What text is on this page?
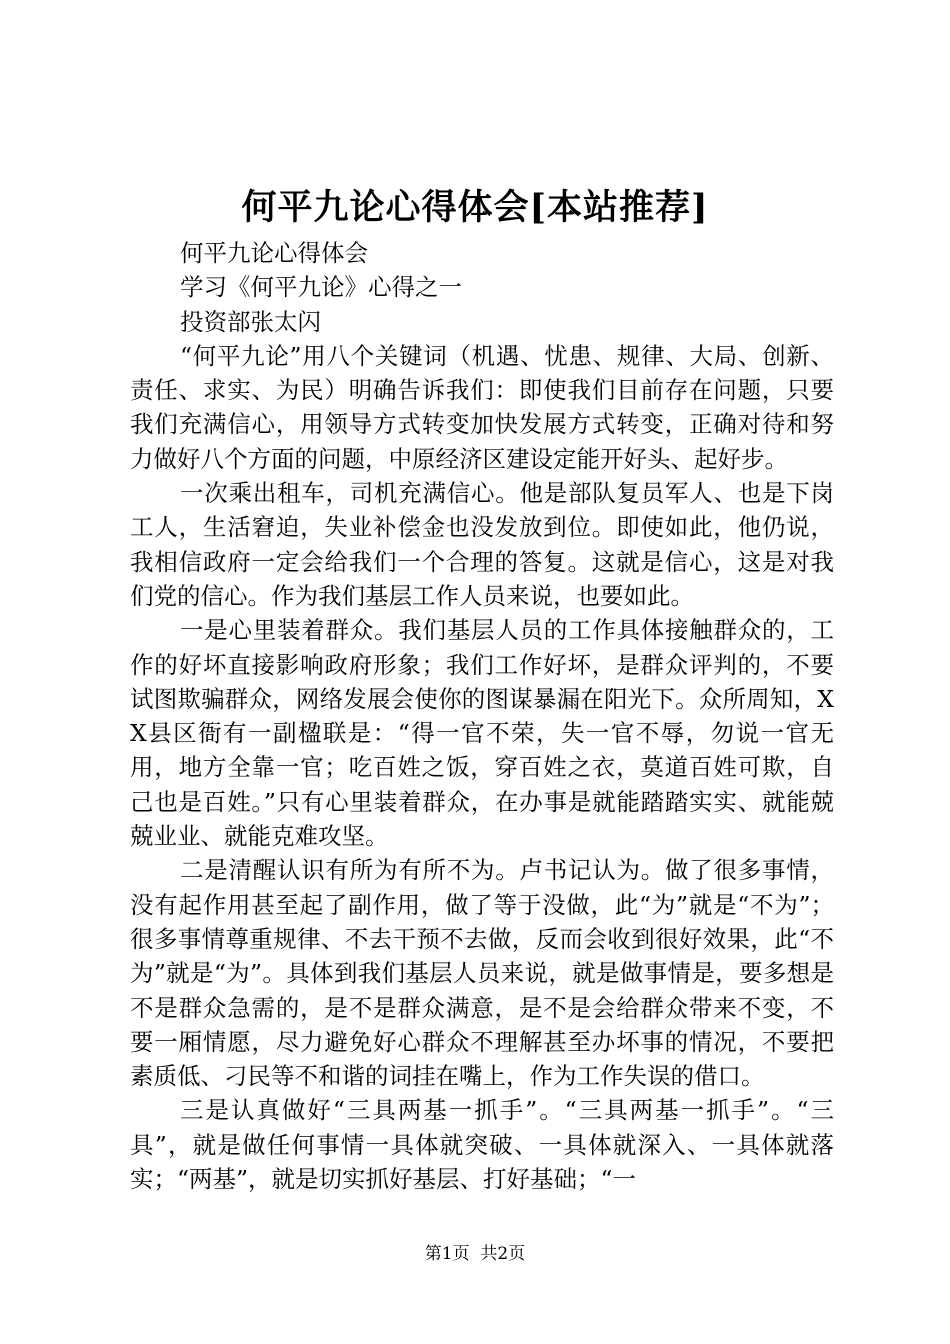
何平九论心得体会[本站推荐]

何平九论心得体会

学习《何平九论》心得之一

投资部张太闪

“何平九论”用八个关键词（机遇、忧患、规律、大局、创新、责任、求实、为民）明确告诉我们：即使我们目前存在问题，只要我们充满信心，用领导方式转变加快发展方式转变，正确对待和努力做好八个方面的问题，中原经济区建设定能开好头、起好步。

一次乘出租车，司机充满信心。他是部队复员军人、也是下岗工人，生活窘迫，失业补偿金也没发放到位。即使如此，他仍说，我相信政府一定会给我们一个合理的答复。这就是信心，这是对我们党的信心。作为我们基层工作人员来说，也要如此。

一是心里装着群众。我们基层人员的工作具体接触群众的，工作的好坏直接影响政府形象；我们工作好坏，是群众评判的，不要试图欺骗群众，网络发展会使你的图谋暴漏在阳光下。众所周知，XX县区衙有一副楹联是：“得一官不荣，失一官不辱，勿说一官无用，地方全靠一官；吃百姓之饭，穿百姓之衣，莫道百姓可欺，自己也是百姓。”只有心里装着群众，在办事是就能踏踏实实、就能兢兢业业、就能克难攻坚。

二是清醒认识有所为有所不为。卢书记认为。做了很多事情，没有起作用甚至起了副作用，做了等于没做，此“为”就是“不为”；很多事情尊重规律、不去干预不去做，反而会收到很好效果，此“不为”就是“为”。具体到我们基层人员来说，就是做事情是，要多想是不是群众急需的，是不是群众满意，是不是会给群众带来不变，不要一厢情愿，尽力避免好心群众不理解甚至办坏事的情况，不要把素质低、刁民等不和谐的词挂在嘴上，作为工作失误的借口。

三是认真做好“三具两基一抓手”。“三具两基一抓手”。“三具”，就是做任何事情一具体就突破、一具体就深入、一具体就落实；“两基”，就是切实抓好基层、打好基础；“一

第1页  共2页
